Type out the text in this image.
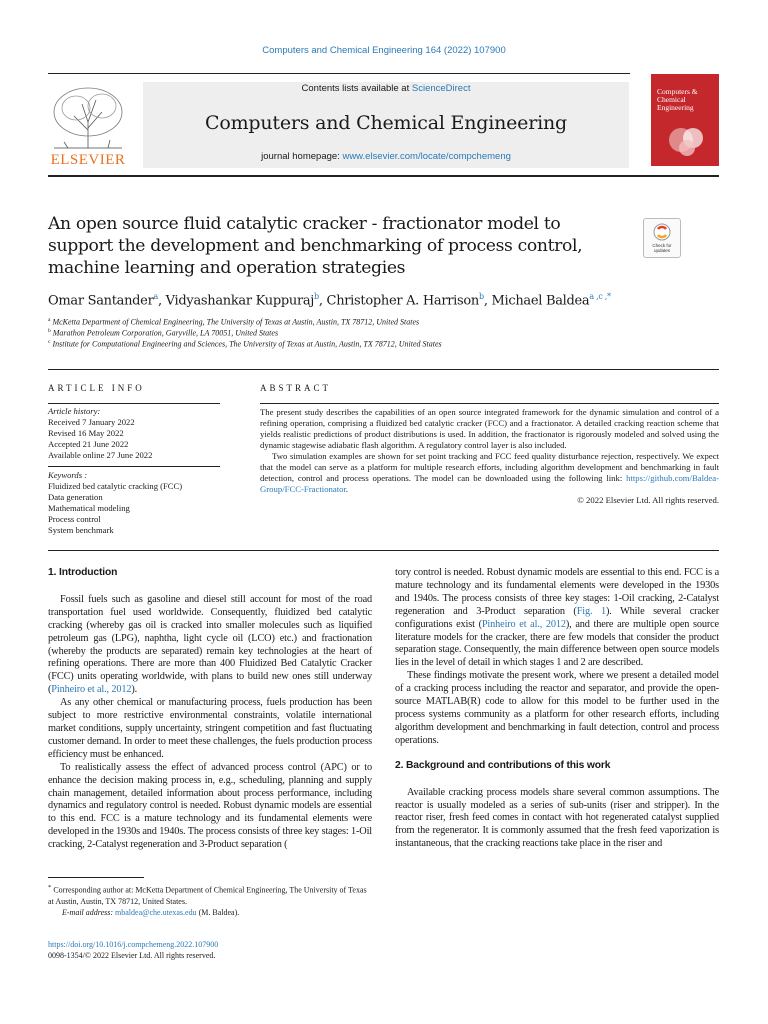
Computers and Chemical Engineering 164 (2022) 107900
ELSEVIER
Contents lists available at ScienceDirect
Computers and Chemical Engineering
journal homepage: www.elsevier.com/locate/compchemeng
Computers & Chemical Engineering
An open source fluid catalytic cracker - fractionator model to support the development and benchmarking of process control, machine learning and operation strategies
Check for updates
Omar Santander$^a$, Vidyashankar Kuppuraj$^b$, Christopher A. Harrison$^b$, Michael Baldea$^{a ,c ,*}$
$^a$ McKetta Department of Chemical Engineering, The University of Texas at Austin, Austin, TX 78712, United States
$^b$ Marathon Petroleum Corporation, Garyville, LA 70051, United States
$^c$ Institute for Computational Engineering and Sciences, The University of Texas at Austin, Austin, TX 78712, United States
ARTICLE INFO
Article history:
Received 7 January 2022
Revised 16 May 2022
Accepted 21 June 2022
Available online 27 June 2022
Keywords :
Fluidized bed catalytic cracking (FCC)
Data generation
Mathematical modeling
Process control
System benchmark
ABSTRACT

The present study describes the capabilities of an open source integrated framework for the dynamic simulation and control of a refining operation, comprising a fluidized bed catalytic cracker (FCC) and a fractionator. A detailed cracking reaction scheme that yields realistic predictions of product distributions is used. In addition, the fractionator is rigorously modeled and solved using the dynamic stagewise adiabatic flash algorithm. A regulatory control layer is also included.

Two simulation examples are shown for set point tracking and FCC feed quality disturbance rejection, respectively. We expect that the model can serve as a platform for multiple research efforts, including algorithm development and benchmarking in fault detection, control and process operations. The model can be downloaded using the following link: https://github.com/Baldea-Group/FCC-Fractionator.

© 2022 Elsevier Ltd. All rights reserved.

1. Introduction

Fossil fuels such as gasoline and diesel still account for most of the road transportation fuel used worldwide. Consequently, fluidized bed catalytic cracking (whereby gas oil is cracked into smaller molecules such as liquified petroleum gas (LPG), naphtha, light cycle oil (LCO) etc.) and fractionation (whereby the products are separated) remain key technologies at the heart of refining operations. There are more than 400 Fluidized Bed Catalytic Cracker (FCC) units operating worldwide, with plans to build new ones still underway (Pinheiro et al., 2012).

As any other chemical or manufacturing process, fuels production has been subject to more restrictive environmental constraints, volatile international market conditions, supply uncertainty, stringent competition and fast fluctuating customer demand. In order to meet these challenges, the fuels production process efficiency must be enhanced.

To realistically assess the effect of advanced process control (APC) or to enhance the decision making process in, e.g., scheduling, planning and supply chain management, detailed information about process performance, including dynamics and regulatory control is needed. Robust dynamic models are essential to this end. FCC is a mature technology and its fundamental elements were developed in the 1930s and 1940s. The process consists of three key stages: 1-Oil cracking, 2-Catalyst regeneration and 3-Product separation (

tory control is needed. Robust dynamic models are essential to this end. FCC is a mature technology and its fundamental elements were developed in the 1930s and 1940s. The process consists of three key stages: 1-Oil cracking, 2-Catalyst regeneration and 3-Product separation (Fig. 1). While several cracker configurations exist (Pinheiro et al., 2012), and there are multiple open source literature models for the cracker, there are few models that consider the product separation stage. Consequently, the main difference between open source models lies in the level of detail in which stages 1 and 2 are described.

These findings motivate the present work, where we present a detailed model of a cracking process including the reactor and separator, and provide the open-source MATLAB(R) code to allow for this model to be further used in the process systems community as a platform for other research efforts, including algorithm development and benchmarking in fault detection, control and process operations.

2. Background and contributions of this work

Available cracking process models share several common assumptions. The reactor is usually modeled as a series of sub-units (riser and stripper). In the reactor riser, fresh feed comes in contact with hot regenerated catalyst supplied from the regenerator. It is commonly assumed that the fresh feed vaporization is instantaneous, that the cracking reactions take place in the riser and

* Corresponding author at: McKetta Department of Chemical Engineering, The University of Texas at Austin, Austin, TX 78712, United States.

E-mail address: mbaldea@che.utexas.edu (M. Baldea).

https://doi.org/10.1016/j.compchemeng.2022.107900
0098-1354/© 2022 Elsevier Ltd. All rights reserved.
